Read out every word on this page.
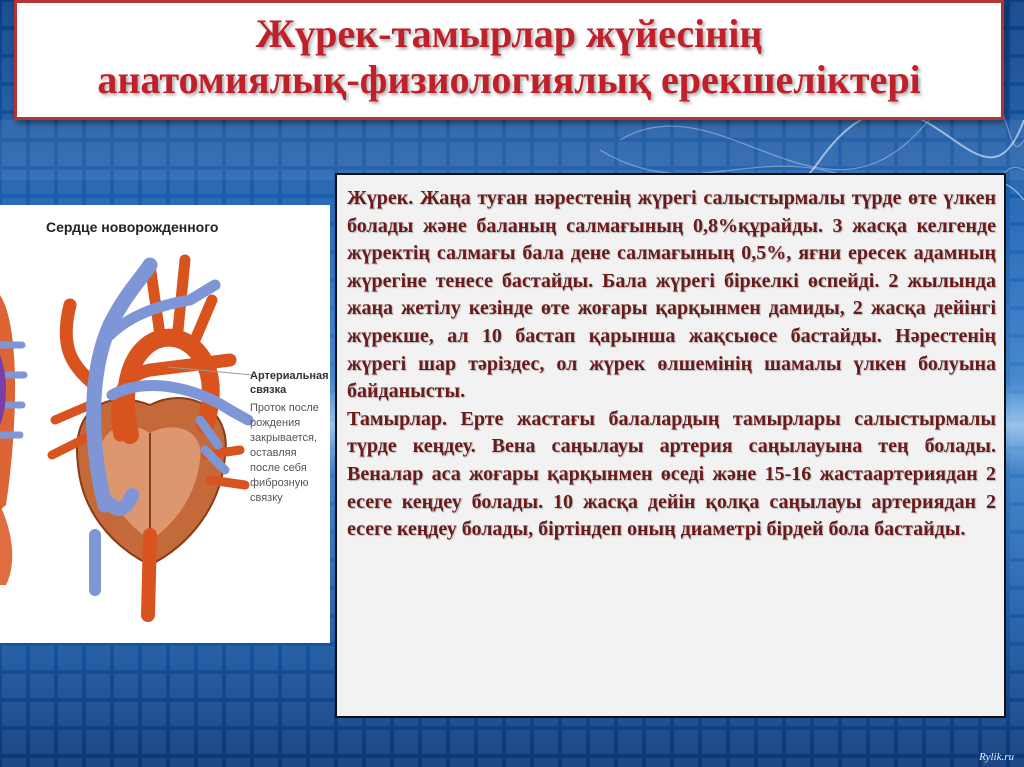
Жүрек-тамырлар жүйесінің
анатомиялық-физиологиялық ерекшеліктері
Сердце новорожденного
Артериальная связка
Проток после рождения закрывается, оставляя после себя фиброзную связку

Жүрек. Жаңа туған нәрестенің жүрегі салыстырмалы түрде өте үлкен болады және баланың салмағының 0,8%құрайды. 3 жасқа келгенде жүректің салмағы бала дене салмағының 0,5%, яғни ересек адамның жүрегіне тенесе бастайды. Бала жүрегі біркелкі өспейді. 2 жылында жаңа жетілу кезінде өте жоғары қарқынмен дамиды, 2 жасқа дейінгі жүрекше, ал 10 бастап қарынша жақсыөсе бастайды. Нәрестенің жүрегі шар тәріздес, ол жүрек өлшемінің шамалы үлкен болуына байданысты.

Тамырлар. Ерте жастағы балалардың тамырлары салыстырмалы түрде кеңдеу. Вена саңылауы артерия саңылауына тең болады. Веналар аса жоғары қарқынмен өседі және 15-16 жастаартериядан 2 есеге кеңдеу болады. 10 жасқа дейін қолқа саңылауы артериядан 2 есеге кеңдеу болады, біртіндеп оның диаметрі бірдей бола бастайды.

Rylik.ru
